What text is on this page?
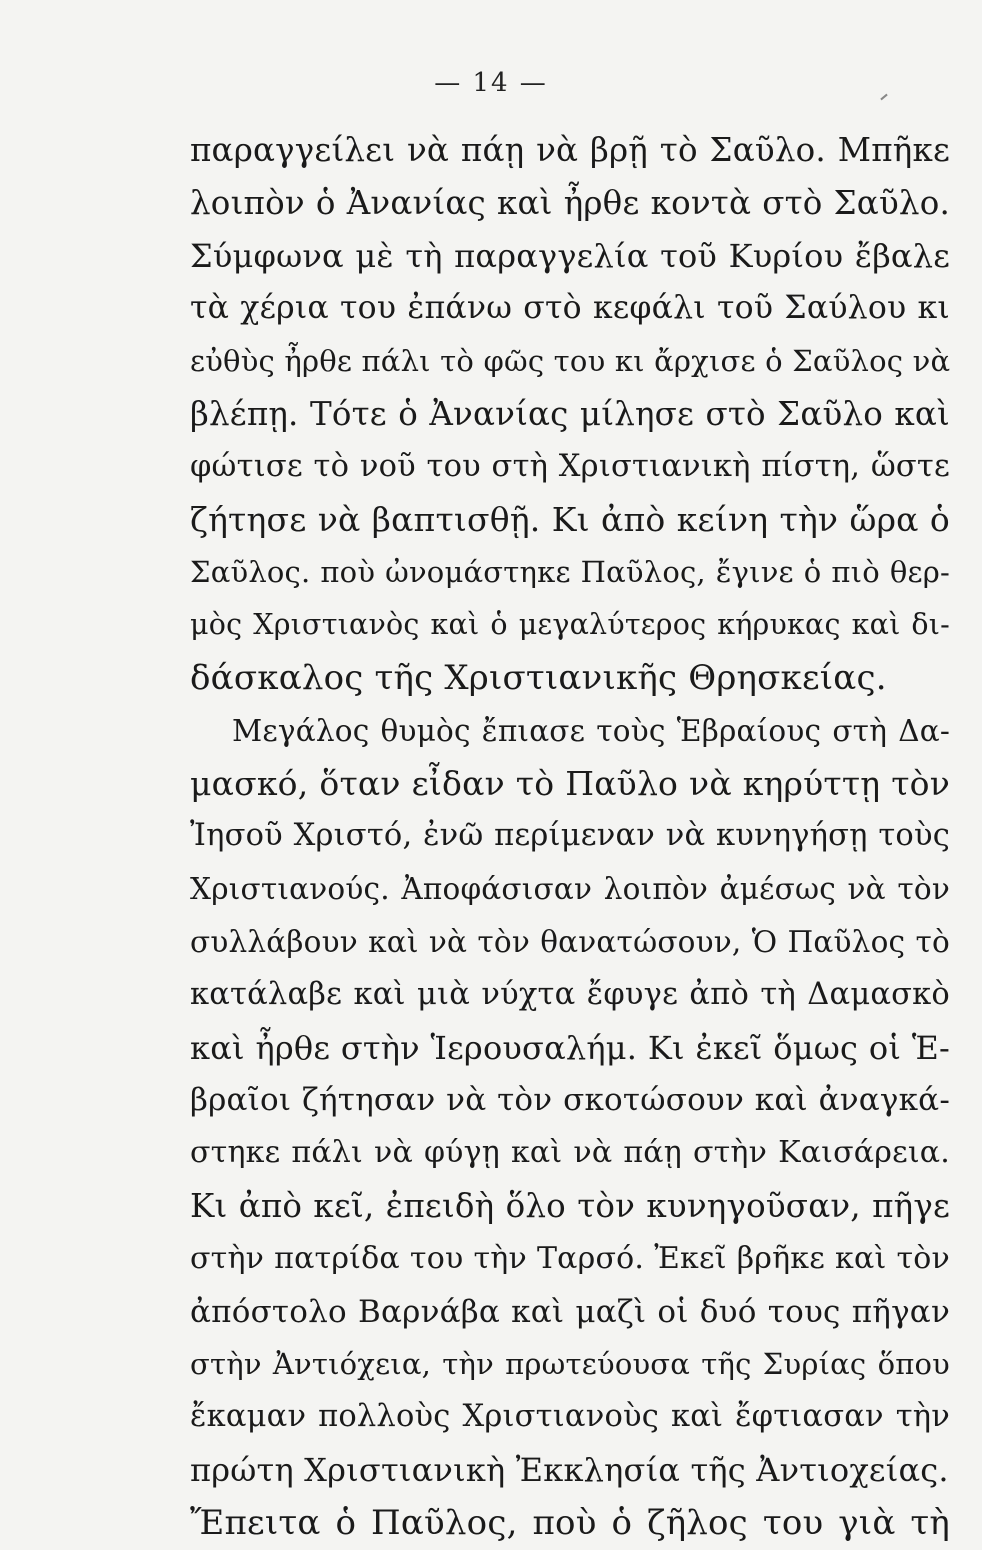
— 14 —
παραγγείλει νὰ πάῃ νὰ βρῇ τὸ Σαῦλο. Μπῆκε
λοιπὸν ὁ Ἀνανίας καὶ ἦρθε κοντὰ στὸ Σαῦλο.
Σύμφωνα μὲ τὴ παραγγελία τοῦ Κυρίου ἔβαλε
τὰ χέρια του ἐπάνω στὸ κεφάλι τοῦ Σαύλου κι
εὐθὺς ἦρθε πάλι τὸ φῶς του κι ἄρχισε ὁ Σαῦλος νὰ
βλέπῃ. Τότε ὁ Ἀνανίας μίλησε στὸ Σαῦλο καὶ
φώτισε τὸ νοῦ του στὴ Χριστιανικὴ πίστη, ὥστε
ζήτησε νὰ βαπτισθῇ. Κι ἀπὸ κείνη τὴν ὥρα ὁ
Σαῦλος. ποὺ ὠνομάστηκε Παῦλος, ἔγινε ὁ πιὸ θερ-
μὸς Χριστιανὸς καὶ ὁ μεγαλύτερος κήρυκας καὶ δι-
δάσκαλος τῆς Χριστιανικῆς Θρησκείας.
Μεγάλος θυμὸς ἔπιασε τοὺς Ἑβραίους στὴ Δα-
μασκό, ὅταν εἶδαν τὸ Παῦλο νὰ κηρύττῃ τὸν
Ἰησοῦ Χριστό, ἐνῶ περίμεναν νὰ κυνηγήσῃ τοὺς
Χριστιανούς. Ἀποφάσισαν λοιπὸν ἀμέσως νὰ τὸν
συλλάβουν καὶ νὰ τὸν θανατώσουν, Ὁ Παῦλος τὸ
κατάλαβε καὶ μιὰ νύχτα ἔφυγε ἀπὸ τὴ Δαμασκὸ
καὶ ἦρθε στὴν Ἱερουσαλήμ. Κι ἐκεῖ ὅμως οἱ Ἑ-
βραῖοι ζήτησαν νὰ τὸν σκοτώσουν καὶ ἀναγκά-
στηκε πάλι νὰ φύγῃ καὶ νὰ πάῃ στὴν Καισάρεια.
Κι ἀπὸ κεῖ, ἐπειδὴ ὅλο τὸν κυνηγοῦσαν, πῆγε
στὴν πατρίδα του τὴν Ταρσό. Ἐκεῖ βρῆκε καὶ τὸν
ἀπόστολο Βαρνάβα καὶ μαζὶ οἱ δυό τους πῆγαν
στὴν Ἀντιόχεια, τὴν πρωτεύουσα τῆς Συρίας ὅπου
ἔκαμαν πολλοὺς Χριστιανοὺς καὶ ἔφτιασαν τὴν
πρώτη Χριστιανικὴ Ἐκκλησία τῆς Ἀντιοχείας.
Ἔπειτα ὁ Παῦλος, ποὺ ὁ ζῆλος του γιὰ τὴ
